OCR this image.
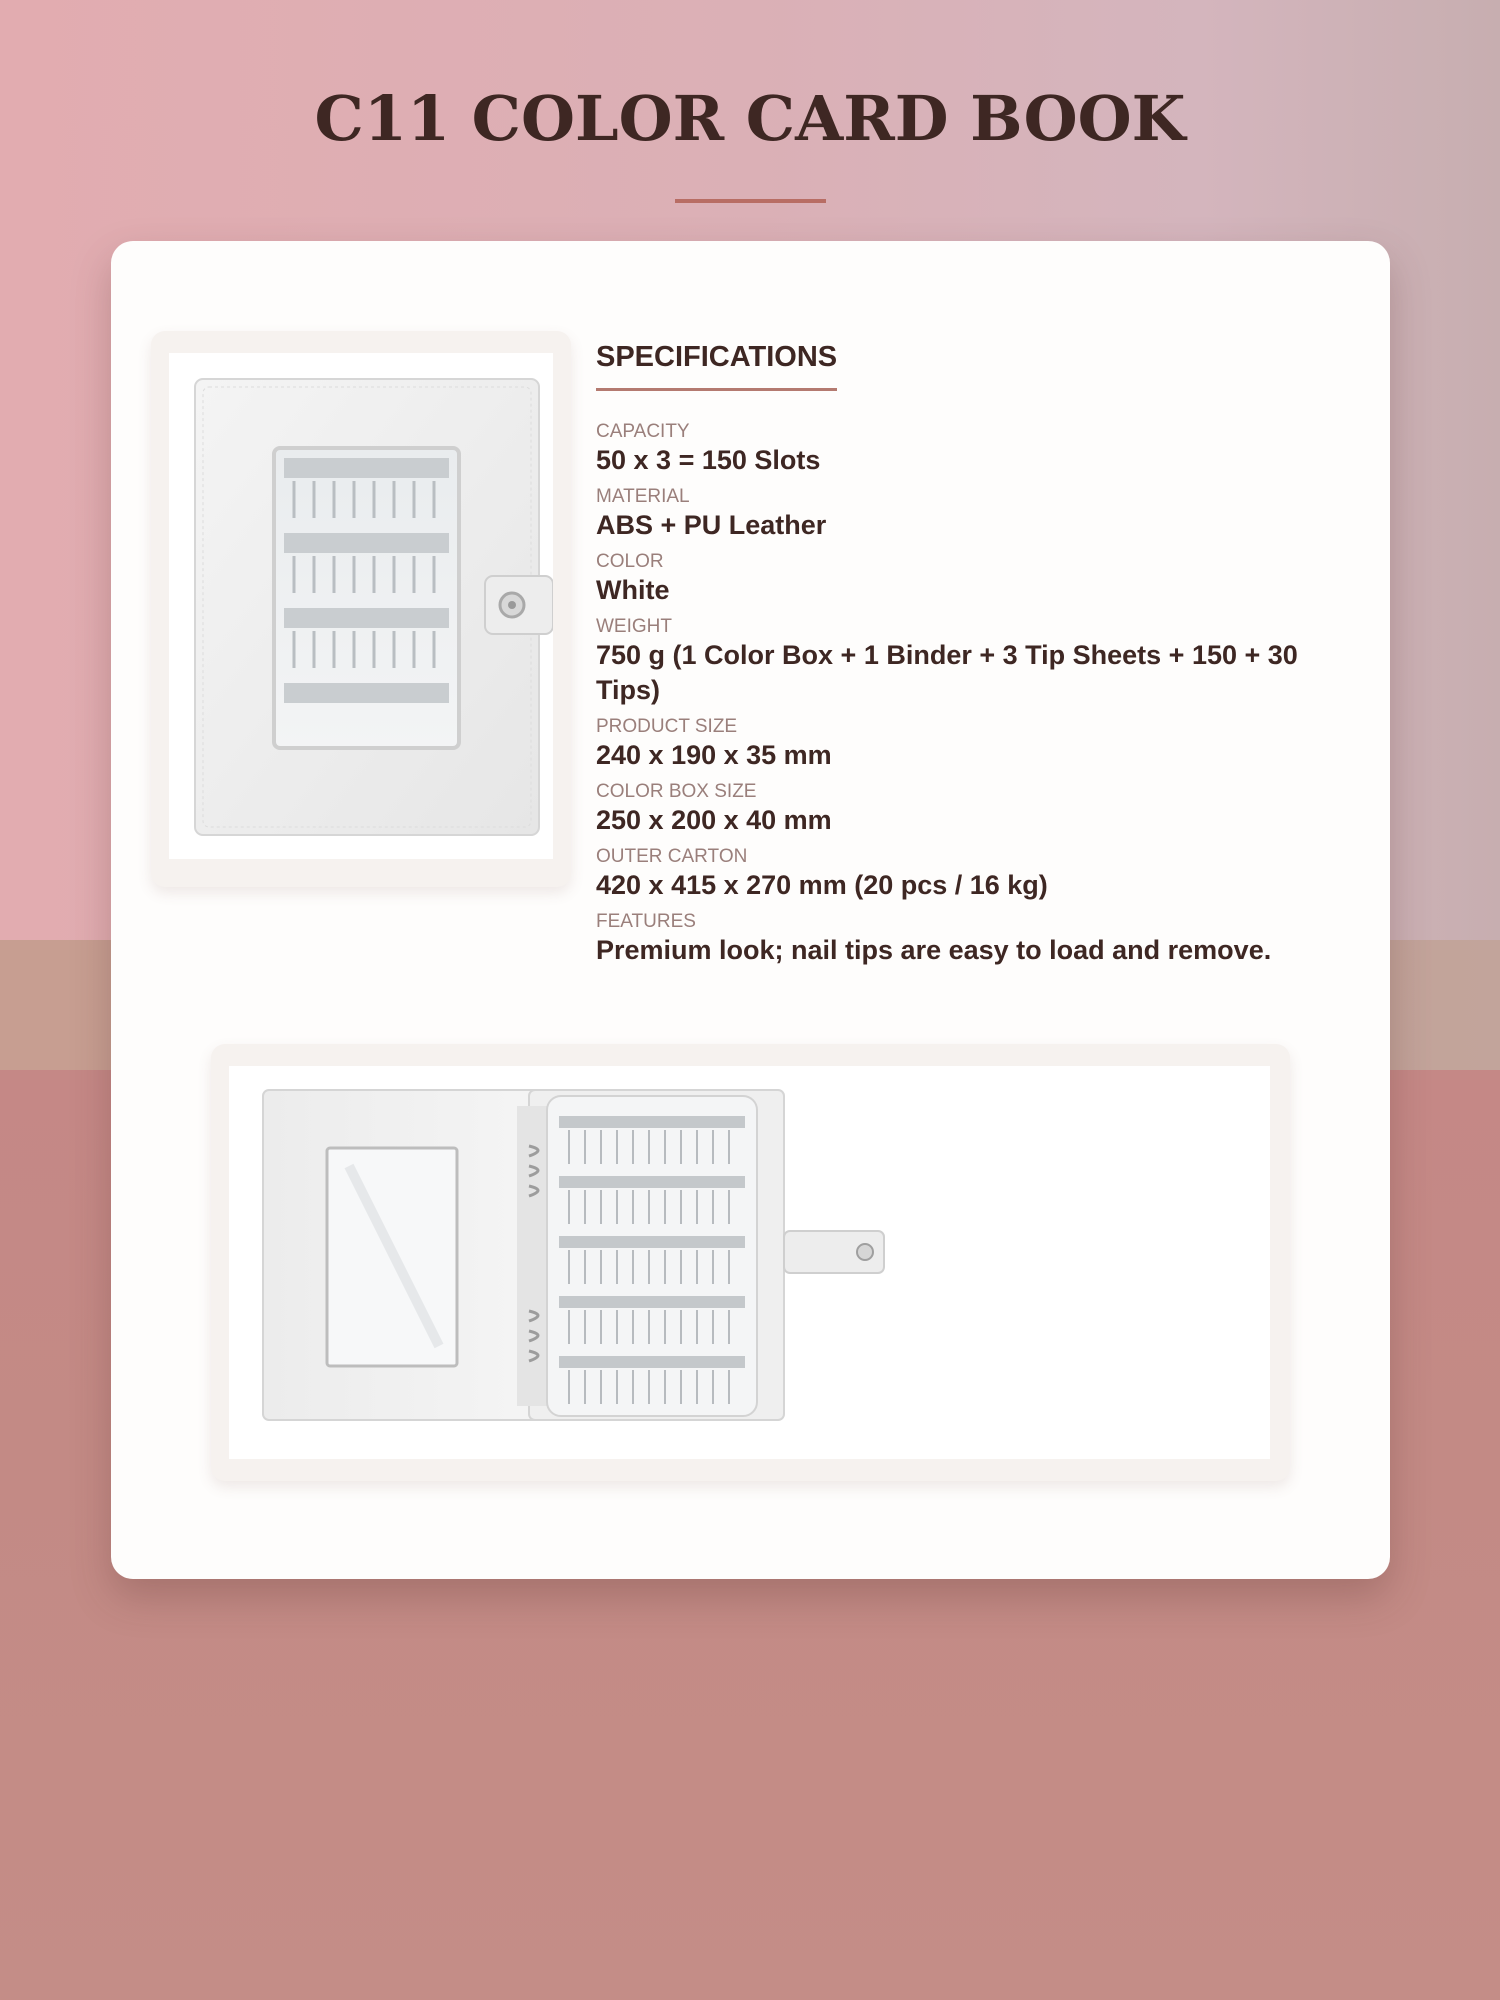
C11 COLOR CARD BOOK
SPECIFICATIONS
CAPACITY
50 x 3 = 150 Slots
MATERIAL
ABS + PU Leather
COLOR
White
WEIGHT
750 g (1 Color Box + 1 Binder + 3 Tip Sheets + 150 + 30 Tips)
PRODUCT SIZE
240 x 190 x 35 mm
COLOR BOX SIZE
250 x 200 x 40 mm
OUTER CARTON
420 x 415 x 270 mm (20 pcs / 16 kg)
FEATURES
Premium look; nail tips are easy to load and remove.
